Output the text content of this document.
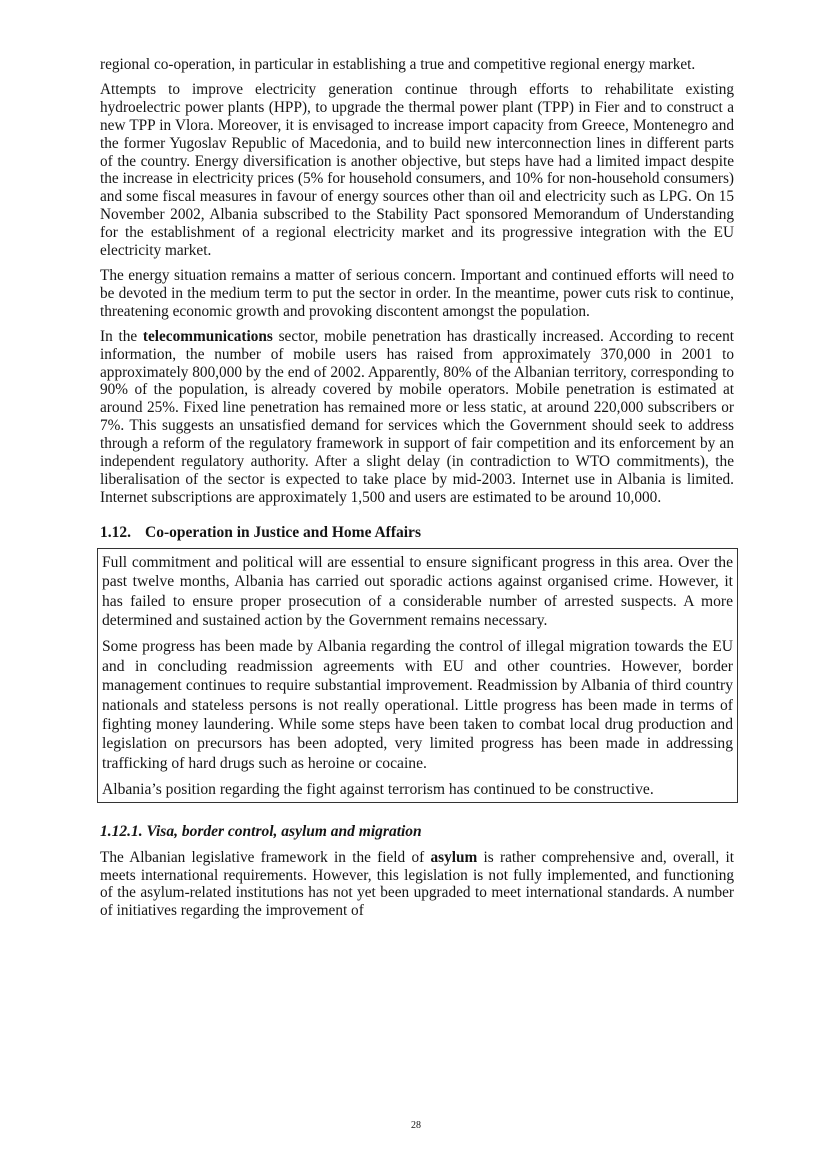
regional co-operation, in particular in establishing a true and competitive regional energy market.

Attempts to improve electricity generation continue through efforts to rehabilitate existing hydroelectric power plants (HPP), to upgrade the thermal power plant (TPP) in Fier and to construct a new TPP in Vlora. Moreover, it is envisaged to increase import capacity from Greece, Montenegro and the former Yugoslav Republic of Macedonia, and to build new interconnection lines in different parts of the country. Energy diversification is another objective, but steps have had a limited impact despite the increase in electricity prices (5% for household consumers, and 10% for non-household consumers) and some fiscal measures in favour of energy sources other than oil and electricity such as LPG. On 15 November 2002, Albania subscribed to the Stability Pact sponsored Memorandum of Understanding for the establishment of a regional electricity market and its progressive integration with the EU electricity market.

The energy situation remains a matter of serious concern. Important and continued efforts will need to be devoted in the medium term to put the sector in order. In the meantime, power cuts risk to continue, threatening economic growth and provoking discontent amongst the population.

In the telecommunications sector, mobile penetration has drastically increased. According to recent information, the number of mobile users has raised from approximately 370,000 in 2001 to approximately 800,000 by the end of 2002. Apparently, 80% of the Albanian territory, corresponding to 90% of the population, is already covered by mobile operators. Mobile penetration is estimated at around 25%. Fixed line penetration has remained more or less static, at around 220,000 subscribers or 7%. This suggests an unsatisfied demand for services which the Government should seek to address through a reform of the regulatory framework in support of fair competition and its enforcement by an independent regulatory authority. After a slight delay (in contradiction to WTO commitments), the liberalisation of the sector is expected to take place by mid-2003. Internet use in Albania is limited. Internet subscriptions are approximately 1,500 and users are estimated to be around 10,000.

1.12. Co-operation in Justice and Home Affairs

Full commitment and political will are essential to ensure significant progress in this area. Over the past twelve months, Albania has carried out sporadic actions against organised crime. However, it has failed to ensure proper prosecution of a considerable number of arrested suspects. A more determined and sustained action by the Government remains necessary.

Some progress has been made by Albania regarding the control of illegal migration towards the EU and in concluding readmission agreements with EU and other countries. However, border management continues to require substantial improvement. Readmission by Albania of third country nationals and stateless persons is not really operational. Little progress has been made in terms of fighting money laundering. While some steps have been taken to combat local drug production and legislation on precursors has been adopted, very limited progress has been made in addressing trafficking of hard drugs such as heroine or cocaine.

Albania’s position regarding the fight against terrorism has continued to be constructive.

1.12.1. Visa, border control, asylum and migration

The Albanian legislative framework in the field of asylum is rather comprehensive and, overall, it meets international requirements. However, this legislation is not fully implemented, and functioning of the asylum-related institutions has not yet been upgraded to meet international standards. A number of initiatives regarding the improvement of

28
